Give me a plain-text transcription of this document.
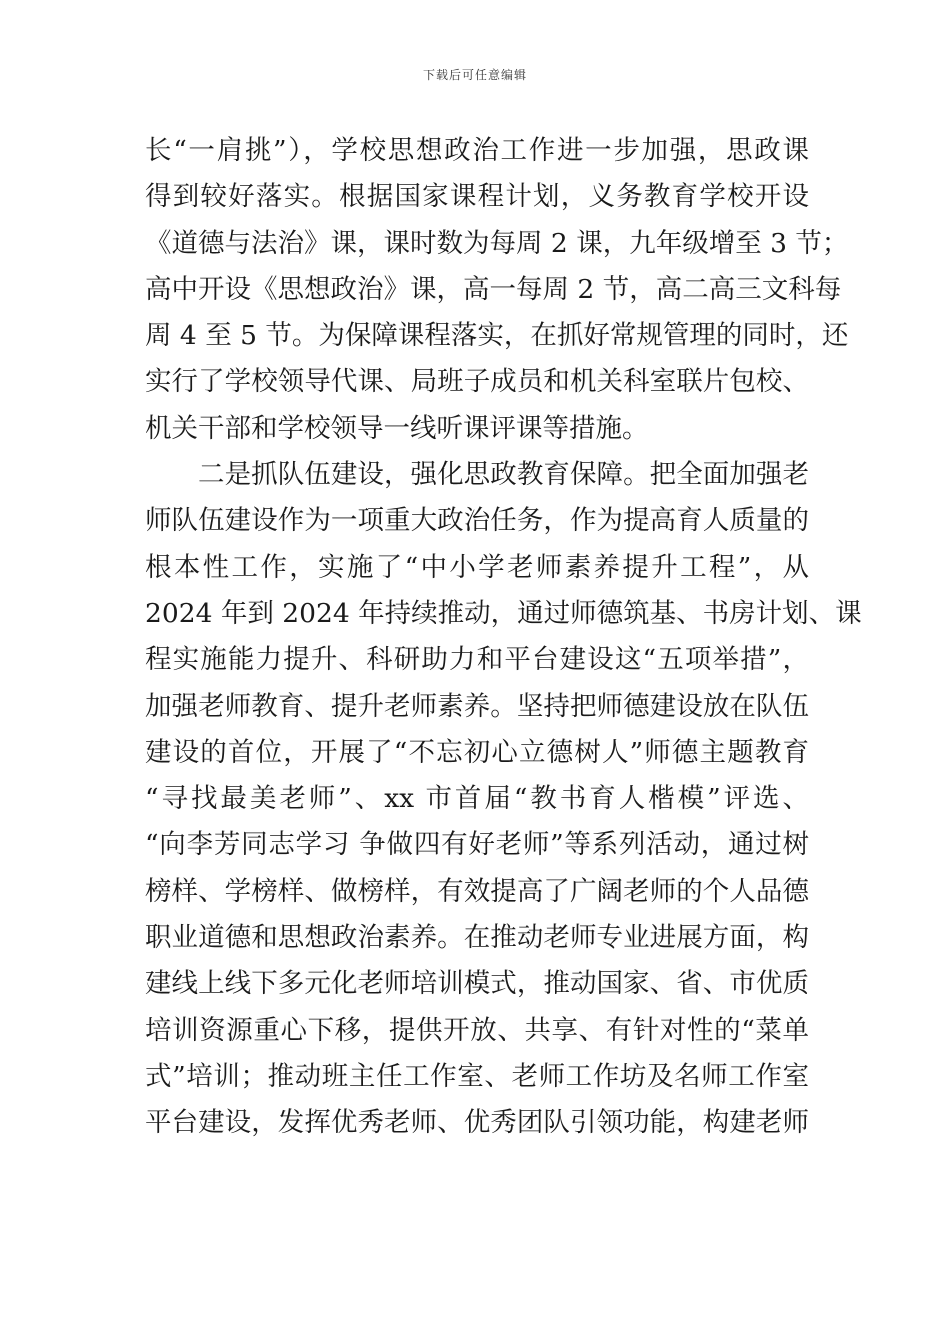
下载后可任意编辑
长“一肩挑”），学校思想政治工作进一步加强，思政课
得到较好落实。根据国家课程计划，义务教育学校开设
《道德与法治》课，课时数为每周 2 课，九年级增至 3 节；
高中开设《思想政治》课，高一每周 2 节，高二高三文科每
周 4 至 5 节。为保障课程落实，在抓好常规管理的同时，还
实行了学校领导代课、局班子成员和机关科室联片包校、
机关干部和学校领导一线听课评课等措施。
二是抓队伍建设，强化思政教育保障。把全面加强老
师队伍建设作为一项重大政治任务，作为提高育人质量的
根本性工作，实施了“中小学老师素养提升工程”，从
2024 年到 2024 年持续推动，通过师德筑基、书房计划、课
程实施能力提升、科研助力和平台建设这“五项举措”，
加强老师教育、提升老师素养。坚持把师德建设放在队伍
建设的首位，开展了“不忘初心立德树人”师德主题教育
“寻找最美老师”、xx 市首届“教书育人楷模”评选、
“向李芳同志学习 争做四有好老师”等系列活动，通过树
榜样、学榜样、做榜样，有效提高了广阔老师的个人品德
职业道德和思想政治素养。在推动老师专业进展方面，构
建线上线下多元化老师培训模式，推动国家、省、市优质
培训资源重心下移，提供开放、共享、有针对性的“菜单
式”培训；推动班主任工作室、老师工作坊及名师工作室
平台建设，发挥优秀老师、优秀团队引领功能，构建老师
